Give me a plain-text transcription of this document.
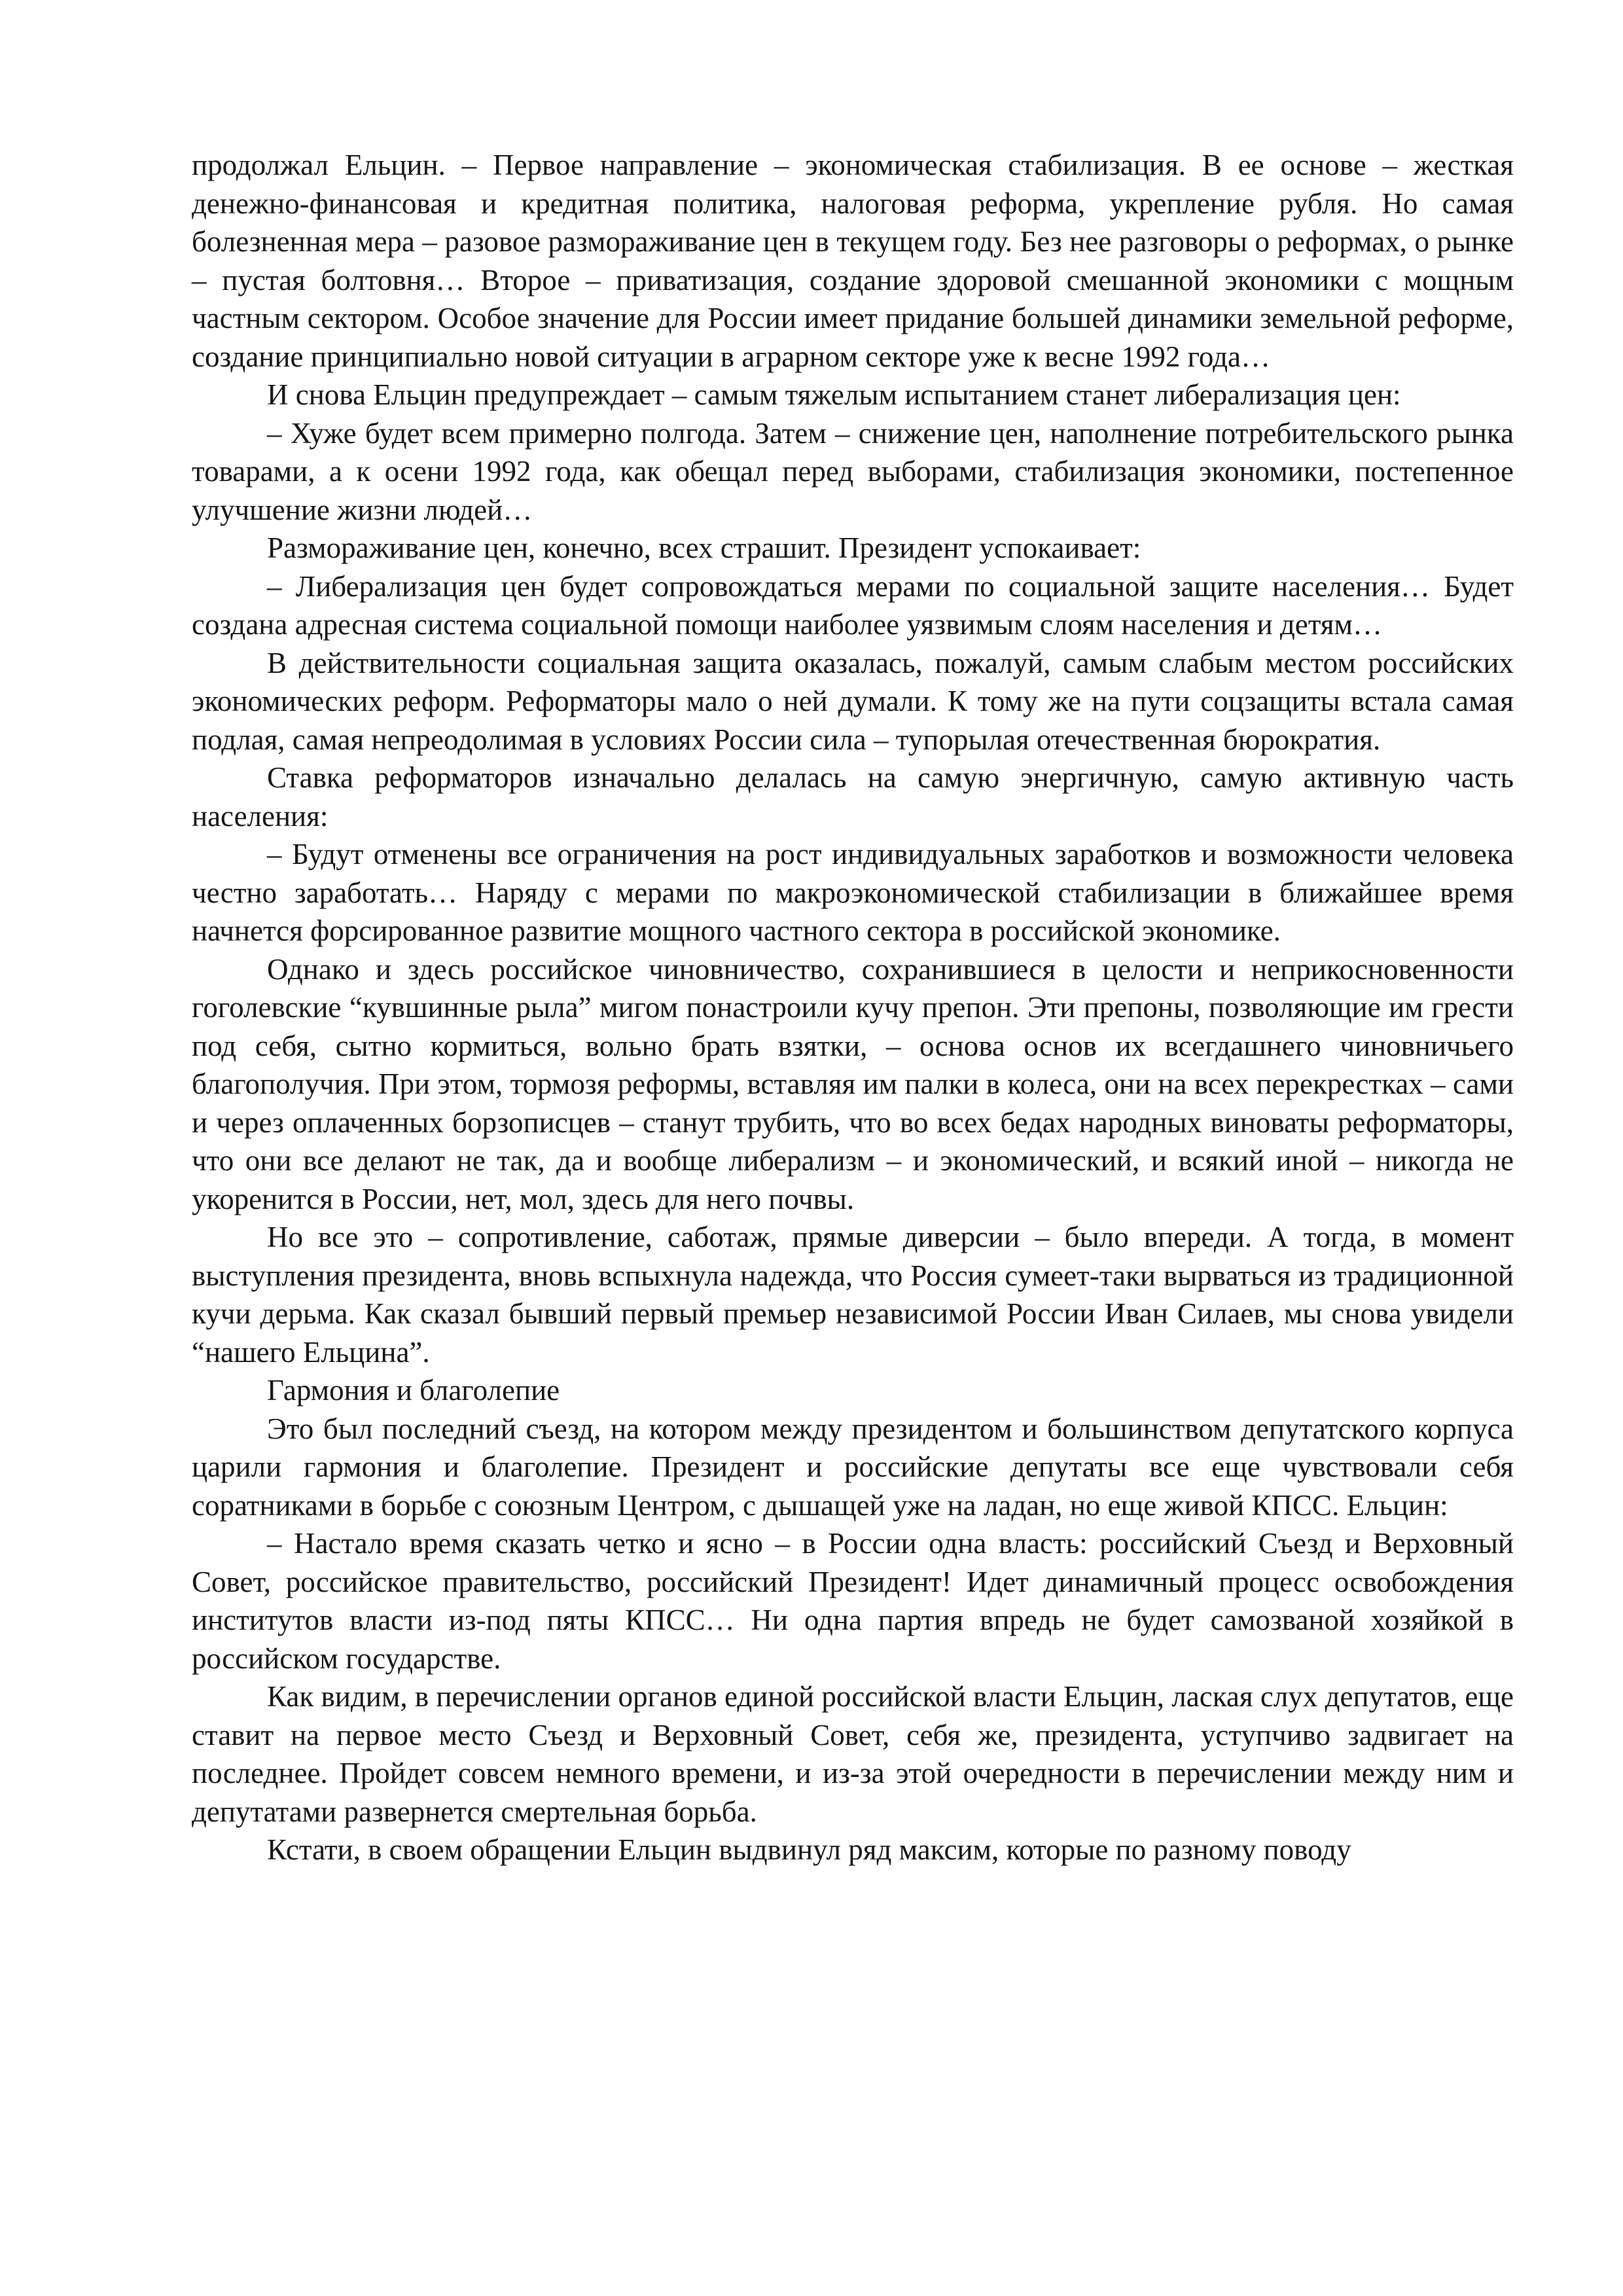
продолжал Ельцин. – Первое направление – экономическая стабилизация. В ее основе – жесткая денежно-финансовая и кредитная политика, налоговая реформа, укрепление рубля. Но самая болезненная мера – разовое размораживание цен в текущем году. Без нее разговоры о реформах, о рынке – пустая болтовня… Второе – приватизация, создание здоровой смешанной экономики с мощным частным сектором. Особое значение для России имеет придание большей динамики земельной реформе, создание принципиально новой ситуации в аграрном секторе уже к весне 1992 года…

И снова Ельцин предупреждает – самым тяжелым испытанием станет либерализация цен:

– Хуже будет всем примерно полгода. Затем – снижение цен, наполнение потребительского рынка товарами, а к осени 1992 года, как обещал перед выборами, стабилизация экономики, постепенное улучшение жизни людей…

Размораживание цен, конечно, всех страшит. Президент успокаивает:

– Либерализация цен будет сопровождаться мерами по социальной защите населения… Будет создана адресная система социальной помощи наиболее уязвимым слоям населения и детям…

В действительности социальная защита оказалась, пожалуй, самым слабым местом российских экономических реформ. Реформаторы мало о ней думали. К тому же на пути соцзащиты встала самая подлая, самая непреодолимая в условиях России сила – тупорылая отечественная бюрократия.

Ставка реформаторов изначально делалась на самую энергичную, самую активную часть населения:

– Будут отменены все ограничения на рост индивидуальных заработков и возможности человека честно заработать… Наряду с мерами по макроэкономической стабилизации в ближайшее время начнется форсированное развитие мощного частного сектора в российской экономике.

Однако и здесь российское чиновничество, сохранившиеся в целости и неприкосновенности гоголевские “кувшинные рыла” мигом понастроили кучу препон. Эти препоны, позволяющие им грести под себя, сытно кормиться, вольно брать взятки, – основа основ их всегдашнего чиновничьего благополучия. При этом, тормозя реформы, вставляя им палки в колеса, они на всех перекрестках – сами и через оплаченных борзописцев – станут трубить, что во всех бедах народных виноваты реформаторы, что они все делают не так, да и вообще либерализм – и экономический, и всякий иной – никогда не укоренится в России, нет, мол, здесь для него почвы.

Но все это – сопротивление, саботаж, прямые диверсии – было впереди. А тогда, в момент выступления президента, вновь вспыхнула надежда, что Россия сумеет-таки вырваться из традиционной кучи дерьма. Как сказал бывший первый премьер независимой России Иван Силаев, мы снова увидели “нашего Ельцина”.

Гармония и благолепие

Это был последний съезд, на котором между президентом и большинством депутатского корпуса царили гармония и благолепие. Президент и российские депутаты все еще чувствовали себя соратниками в борьбе с союзным Центром, с дышащей уже на ладан, но еще живой КПСС. Ельцин:

– Настало время сказать четко и ясно – в России одна власть: российский Съезд и Верховный Совет, российское правительство, российский Президент! Идет динамичный процесс освобождения институтов власти из-под пяты КПСС… Ни одна партия впредь не будет самозваной хозяйкой в российском государстве.

Как видим, в перечислении органов единой российской власти Ельцин, лаская слух депутатов, еще ставит на первое место Съезд и Верховный Совет, себя же, президента, уступчиво задвигает на последнее. Пройдет совсем немного времени, и из-за этой очередности в перечислении между ним и депутатами развернется смертельная борьба.

Кстати, в своем обращении Ельцин выдвинул ряд максим, которые по разному поводу
